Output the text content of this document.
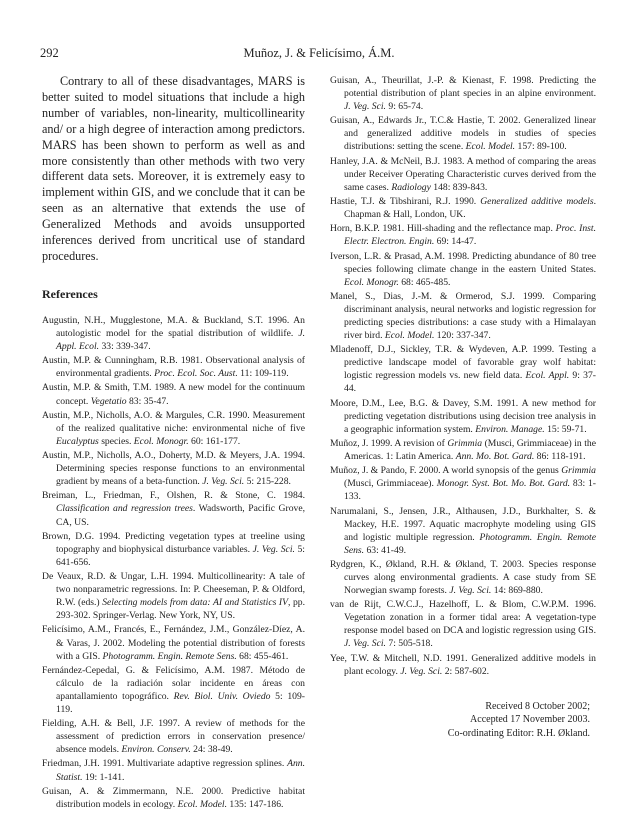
292	Muñoz, J. & Felicísimo, Á.M.

Contrary to all of these disadvantages, MARS is better suited to model situations that include a high number of variables, non-linearity, multicollinearity and/ or a high degree of interaction among predictors. MARS has been shown to perform as well as and more consistently than other methods with two very different data sets. Moreover, it is extremely easy to implement within GIS, and we conclude that it can be seen as an alternative that extends the use of Generalized Methods and avoids unsupported inferences derived from uncritical use of standard procedures.

References
Augustin, N.H., Mugglestone, M.A. & Buckland, S.T. 1996. An autologistic model for the spatial distribution of wildlife. J. Appl. Ecol. 33: 339-347.
Austin, M.P. & Cunningham, R.B. 1981. Observational analysis of environmental gradients. Proc. Ecol. Soc. Aust. 11: 109-119.
Austin, M.P. & Smith, T.M. 1989. A new model for the continuum concept. Vegetatio 83: 35-47.
Austin, M.P., Nicholls, A.O. & Margules, C.R. 1990. Measurement of the realized qualitative niche: environmental niche of five Eucalyptus species. Ecol. Monogr. 60: 161-177.
Austin, M.P., Nicholls, A.O., Doherty, M.D. & Meyers, J.A. 1994. Determining species response functions to an environmental gradient by means of a beta-function. J. Veg. Sci. 5: 215-228.
Breiman, L., Friedman, F., Olshen, R. & Stone, C. 1984. Classification and regression trees. Wadsworth, Pacific Grove, CA, US.
Brown, D.G. 1994. Predicting vegetation types at treeline using topography and biophysical disturbance variables. J. Veg. Sci. 5: 641-656.
De Veaux, R.D. & Ungar, L.H. 1994. Multicollinearity: A tale of two nonparametric regressions. In: P. Cheeseman, P. & Oldford, R.W. (eds.) Selecting models from data: AI and Statistics IV, pp. 293-302. Springer-Verlag. New York, NY, US.
Felicísimo, A.M., Francés, E., Fernández, J.M., González-Díez, A. & Varas, J. 2002. Modeling the potential distribution of forests with a GIS. Photogramm. Engin. Remote Sens. 68: 455-461.
Fernández-Cepedal, G. & Felicísimo, A.M. 1987. Método de cálculo de la radiación solar incidente en áreas con apantallamiento topográfico. Rev. Biol. Univ. Oviedo 5: 109-119.
Fielding, A.H. & Bell, J.F. 1997. A review of methods for the assessment of prediction errors in conservation presence/ absence models. Environ. Conserv. 24: 38-49.
Friedman, J.H. 1991. Multivariate adaptive regression splines. Ann. Statist. 19: 1-141.
Guisan, A. & Zimmermann, N.E. 2000. Predictive habitat distribution models in ecology. Ecol. Model. 135: 147-186.
Guisan, A., Theurillat, J.-P. & Kienast, F. 1998. Predicting the potential distribution of plant species in an alpine environment. J. Veg. Sci. 9: 65-74.
Guisan, A., Edwards Jr., T.C.& Hastie, T. 2002. Generalized linear and generalized additive models in studies of species distributions: setting the scene. Ecol. Model. 157: 89-100.
Hanley, J.A. & McNeil, B.J. 1983. A method of comparing the areas under Receiver Operating Characteristic curves derived from the same cases. Radiology 148: 839-843.
Hastie, T.J. & Tibshirani, R.J. 1990. Generalized additive models. Chapman & Hall, London, UK.
Horn, B.K.P. 1981. Hill-shading and the reflectance map. Proc. Inst. Electr. Electron. Engin. 69: 14-47.
Iverson, L.R. & Prasad, A.M. 1998. Predicting abundance of 80 tree species following climate change in the eastern United States. Ecol. Monogr. 68: 465-485.
Manel, S., Dias, J.-M. & Ormerod, S.J. 1999. Comparing discriminant analysis, neural networks and logistic regression for predicting species distributions: a case study with a Himalayan river bird. Ecol. Model. 120: 337-347.
Mladenoff, D.J., Sickley, T.R. & Wydeven, A.P. 1999. Testing a predictive landscape model of favorable gray wolf habitat: logistic regression models vs. new field data. Ecol. Appl. 9: 37-44.
Moore, D.M., Lee, B.G. & Davey, S.M. 1991. A new method for predicting vegetation distributions using decision tree analysis in a geographic information system. Environ. Manage. 15: 59-71.
Muñoz, J. 1999. A revision of Grimmia (Musci, Grimmiaceae) in the Americas. 1: Latin America. Ann. Mo. Bot. Gard. 86: 118-191.
Muñoz, J. & Pando, F. 2000. A world synopsis of the genus Grimmia (Musci, Grimmiaceae). Monogr. Syst. Bot. Mo. Bot. Gard. 83: 1-133.
Narumalani, S., Jensen, J.R., Althausen, J.D., Burkhalter, S. & Mackey, H.E. 1997. Aquatic macrophyte modeling using GIS and logistic multiple regression. Photogramm. Engin. Remote Sens. 63: 41-49.
Rydgren, K., Økland, R.H. & Økland, T. 2003. Species response curves along environmental gradients. A case study from SE Norwegian swamp forests. J. Veg. Sci. 14: 869-880.
van de Rijt, C.W.C.J., Hazelhoff, L. & Blom, C.W.P.M. 1996. Vegetation zonation in a former tidal area: A vegetation-type response model based on DCA and logistic regression using GIS. J. Veg. Sci. 7: 505-518.
Yee, T.W. & Mitchell, N.D. 1991. Generalized additive models in plant ecology. J. Veg. Sci. 2: 587-602.
Received 8 October 2002;
Accepted 17 November 2003.
Co-ordinating Editor: R.H. Økland.
